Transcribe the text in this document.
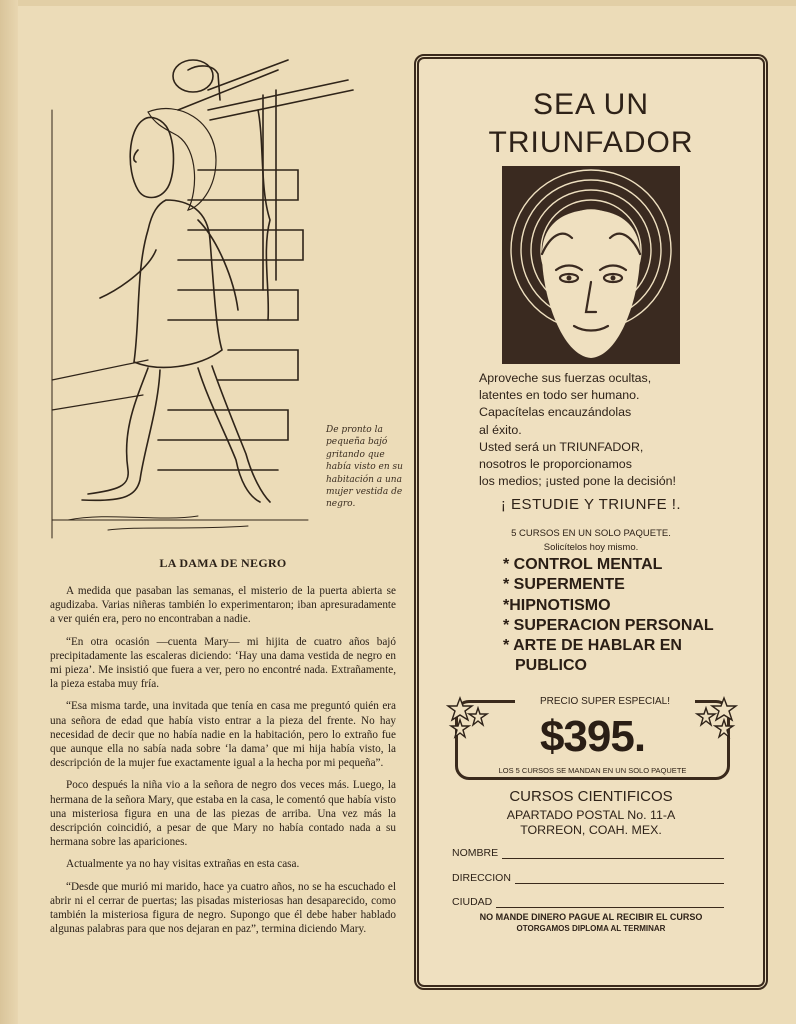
De pronto la pequeña bajó gritando que había visto en su habitación a una mujer vestida de negro.
LA DAMA DE NEGRO

A medida que pasaban las semanas, el misterio de la puerta abierta se agudizaba. Varias niñeras también lo experimentaron; iban apresuradamente a ver quién era, pero no encontraban a nadie.

“En otra ocasión —cuenta Mary— mi hijita de cuatro años bajó precipitadamente las escaleras diciendo: ‘Hay una dama vestida de negro en mi pieza’. Me insistió que fuera a ver, pero no encontré nada. Extrañamente, la pieza estaba muy fría.

“Esa misma tarde, una invitada que tenía en casa me preguntó quién era una señora de edad que había visto entrar a la pieza del frente. No hay necesidad de decir que no había nadie en la habitación, pero lo extraño fue que aunque ella no sabía nada sobre ‘la dama’ que mi hija había visto, la descripción de la mujer fue exactamente igual a la hecha por mi pequeña”.

Poco después la niña vio a la señora de negro dos veces más. Luego, la hermana de la señora Mary, que estaba en la casa, le comentó que había visto una misteriosa figura en una de las piezas de arriba. Una vez más la descripción coincidió, a pesar de que Mary no había contado nada a su hermana sobre las apariciones.

Actualmente ya no hay visitas extrañas en esta casa.

“Desde que murió mi marido, hace ya cuatro años, no se ha escuchado el abrir ni el cerrar de puertas; las pisadas misteriosas han desaparecido, como también la misteriosa figura de negro. Supongo que él debe haber hablado algunas palabras para que nos dejaran en paz”, termina diciendo Mary.

SEA UN
TRIUNFADOR
Aproveche sus fuerzas ocultas,
latentes en todo ser humano.
Capacítelas encauzándolas
al éxito.
Usted será un TRIUNFADOR,
nosotros le proporcionamos
los medios; ¡usted pone la decisión!
¡ ESTUDIE Y TRIUNFE !.
5 CURSOS EN UN SOLO PAQUETE.
Solicítelos hoy mismo.
* CONTROL MENTAL
* SUPERMENTE
*HIPNOTISMO
* SUPERACION PERSONAL
* ARTE DE HABLAR EN PUBLICO
PRECIO SUPER ESPECIAL!
$395.
LOS 5 CURSOS SE MANDAN EN UN SOLO PAQUETE
CURSOS CIENTIFICOS
APARTADO POSTAL No. 11-A
TORREON, COAH. MEX.
NOMBRE
DIRECCION
CIUDAD
NO MANDE DINERO PAGUE AL RECIBIR EL CURSO
OTORGAMOS DIPLOMA AL TERMINAR
